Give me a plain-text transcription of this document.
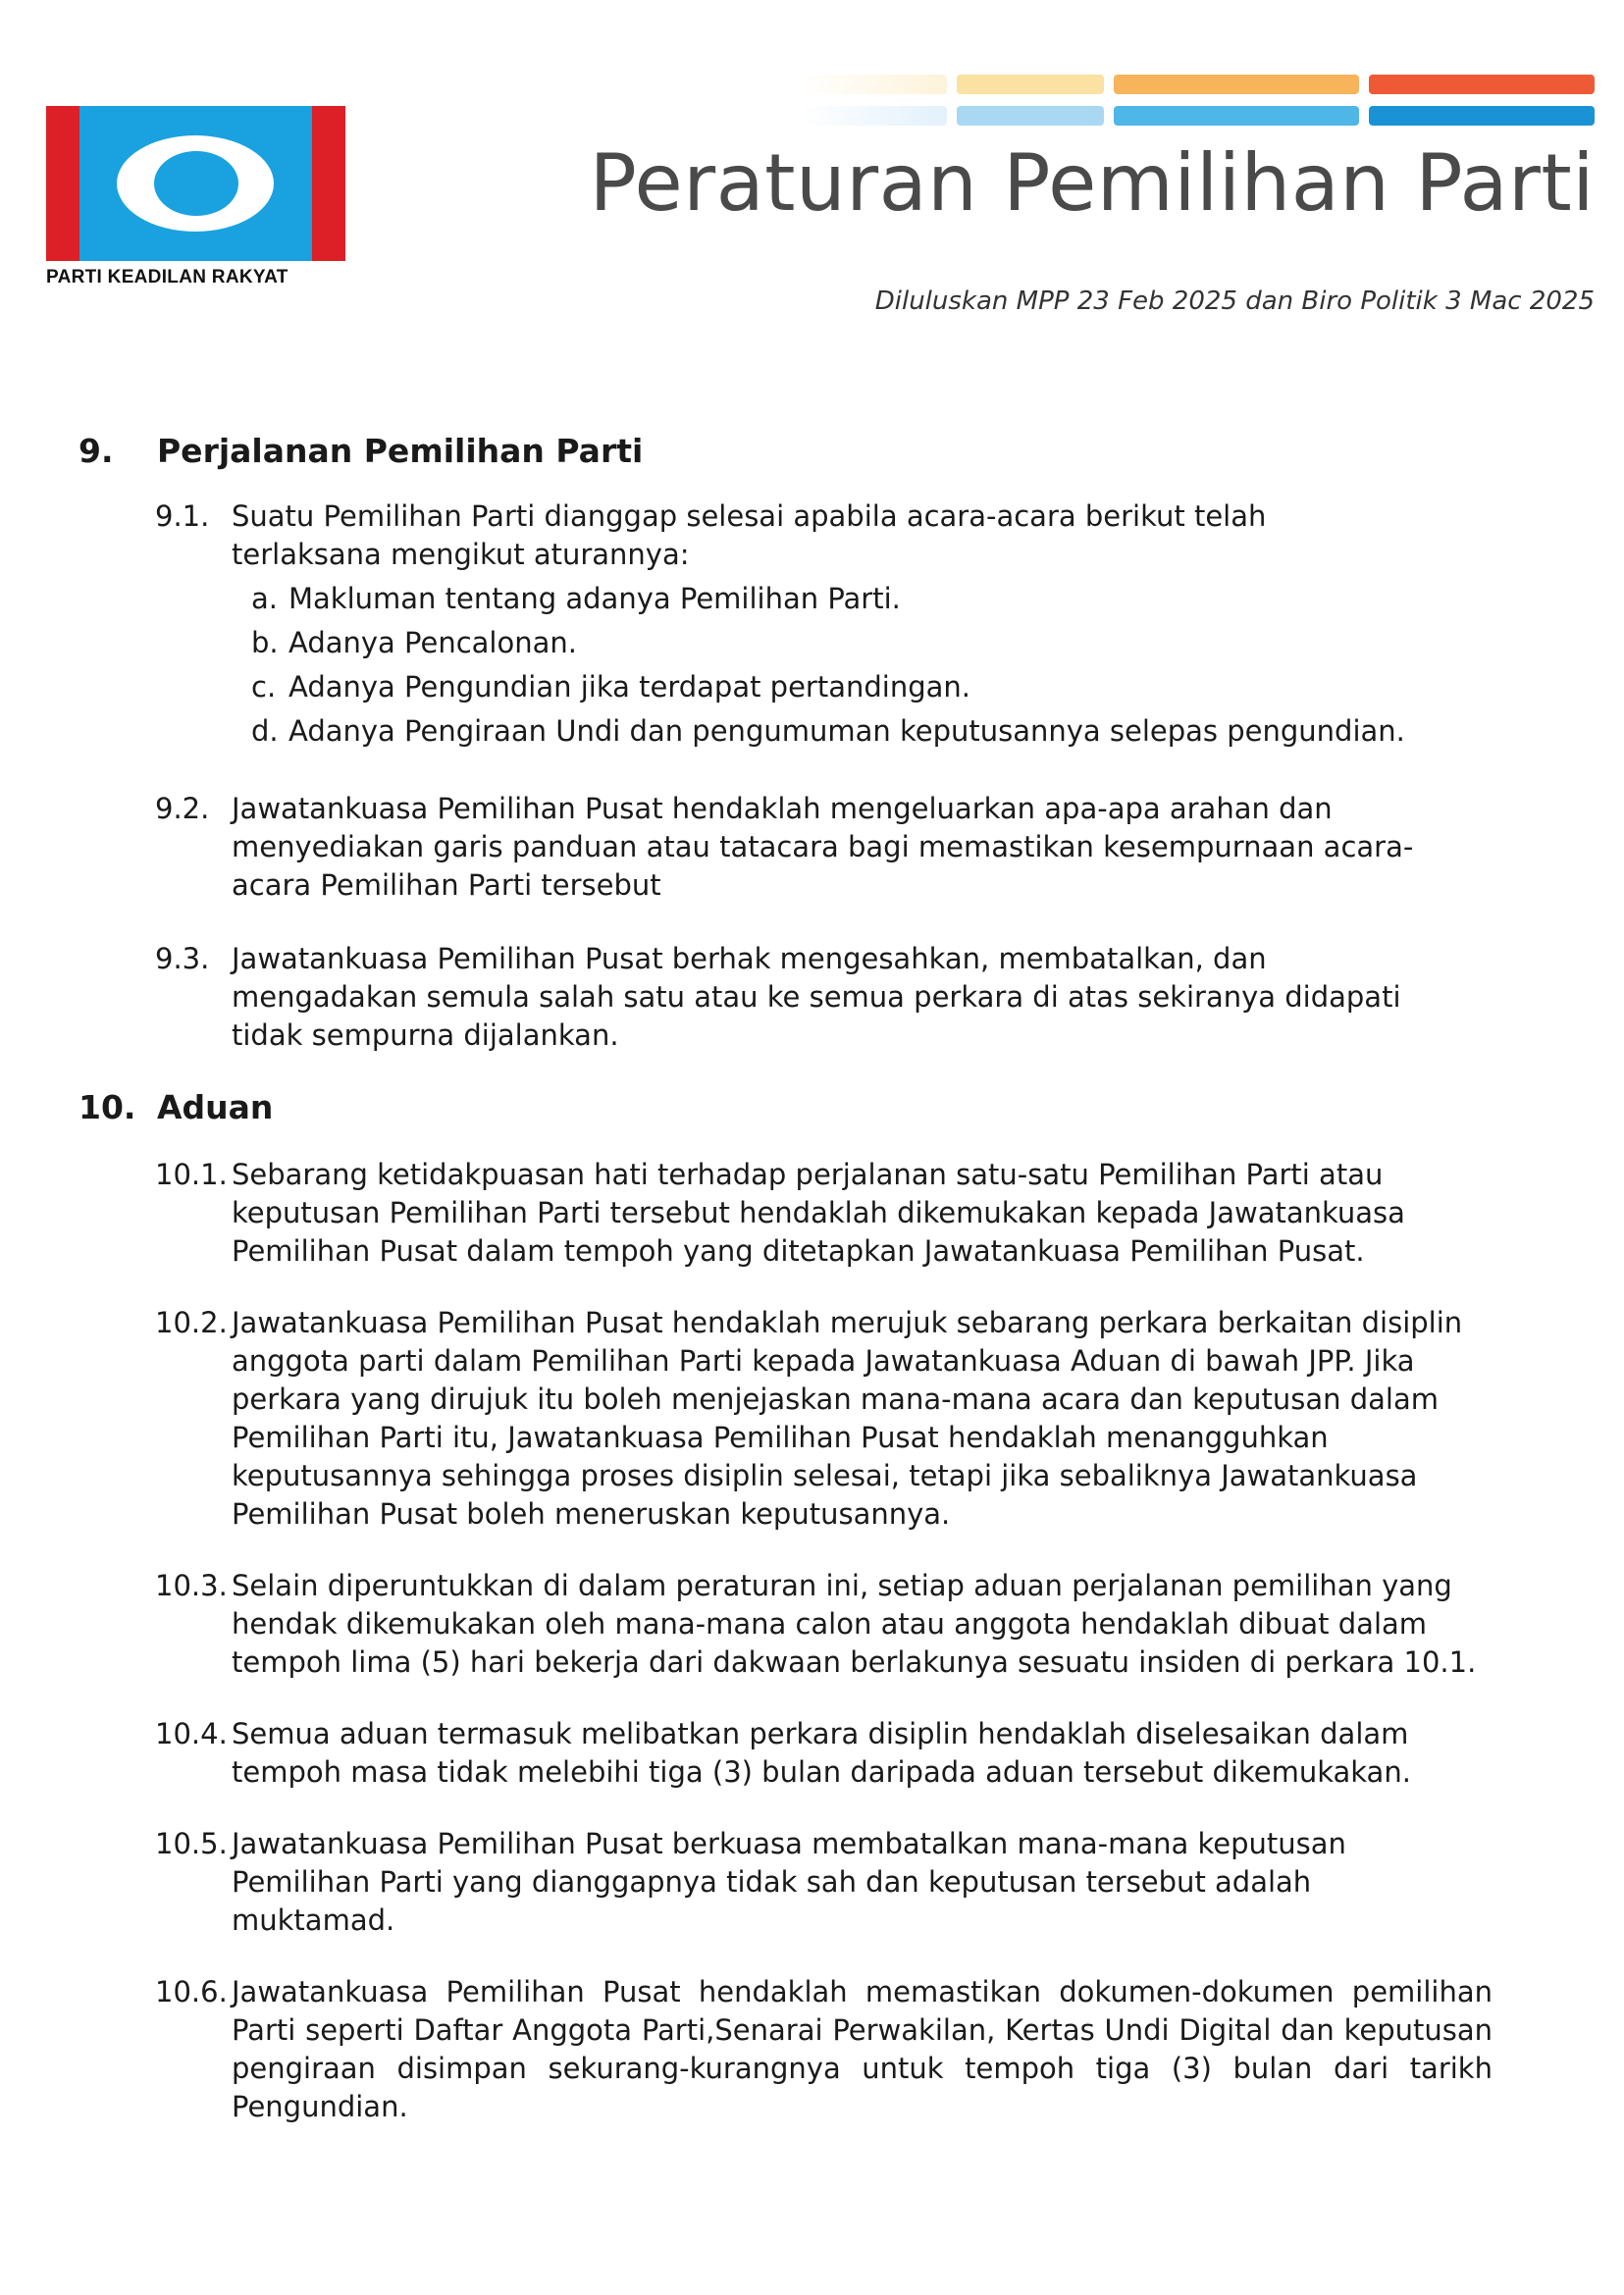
PARTI KEADILAN RAKYAT
Peraturan Pemilihan Parti
Diluluskan MPP 23 Feb 2025 dan Biro Politik 3 Mac 2025
9.	Perjalanan Pemilihan Parti
9.1. Suatu Pemilihan Parti dianggap selesai apabila acara-acara berikut telah terlaksana mengikut aturannya:
a. Makluman tentang adanya Pemilihan Parti.
b. Adanya Pencalonan.
c. Adanya Pengundian jika terdapat pertandingan.
d. Adanya Pengiraan Undi dan pengumuman keputusannya selepas pengundian.
9.2. Jawatankuasa Pemilihan Pusat hendaklah mengeluarkan apa-apa arahan dan menyediakan garis panduan atau tatacara bagi memastikan kesempurnaan acara-acara Pemilihan Parti tersebut
9.3. Jawatankuasa Pemilihan Pusat berhak mengesahkan, membatalkan, dan mengadakan semula salah satu atau ke semua perkara di atas sekiranya didapati tidak sempurna dijalankan.
10. Aduan
10.1. Sebarang ketidakpuasan hati terhadap perjalanan satu-satu Pemilihan Parti atau keputusan Pemilihan Parti tersebut hendaklah dikemukakan kepada Jawatankuasa Pemilihan Pusat dalam tempoh yang ditetapkan Jawatankuasa Pemilihan Pusat.
10.2. Jawatankuasa Pemilihan Pusat hendaklah merujuk sebarang perkara berkaitan disiplin anggota parti dalam Pemilihan Parti kepada Jawatankuasa Aduan di bawah JPP. Jika perkara yang dirujuk itu boleh menjejaskan mana-mana acara dan keputusan dalam Pemilihan Parti itu, Jawatankuasa Pemilihan Pusat hendaklah menangguhkan keputusannya sehingga proses disiplin selesai, tetapi jika sebaliknya Jawatankuasa Pemilihan Pusat boleh meneruskan keputusannya.
10.3. Selain diperuntukkan di dalam peraturan ini, setiap aduan perjalanan pemilihan yang hendak dikemukakan oleh mana-mana calon atau anggota hendaklah dibuat dalam tempoh lima (5) hari bekerja dari dakwaan berlakunya sesuatu insiden di perkara 10.1.
10.4. Semua aduan termasuk melibatkan perkara disiplin hendaklah diselesaikan dalam tempoh masa tidak melebihi tiga (3) bulan daripada aduan tersebut dikemukakan.
10.5. Jawatankuasa Pemilihan Pusat berkuasa membatalkan mana-mana keputusan Pemilihan Parti yang dianggapnya tidak sah dan keputusan tersebut adalah muktamad.
10.6. Jawatankuasa Pemilihan Pusat hendaklah memastikan dokumen-dokumen pemilihan Parti seperti Daftar Anggota Parti,Senarai Perwakilan, Kertas Undi Digital dan keputusan pengiraan disimpan sekurang-kurangnya untuk tempoh tiga (3) bulan dari tarikh Pengundian.
